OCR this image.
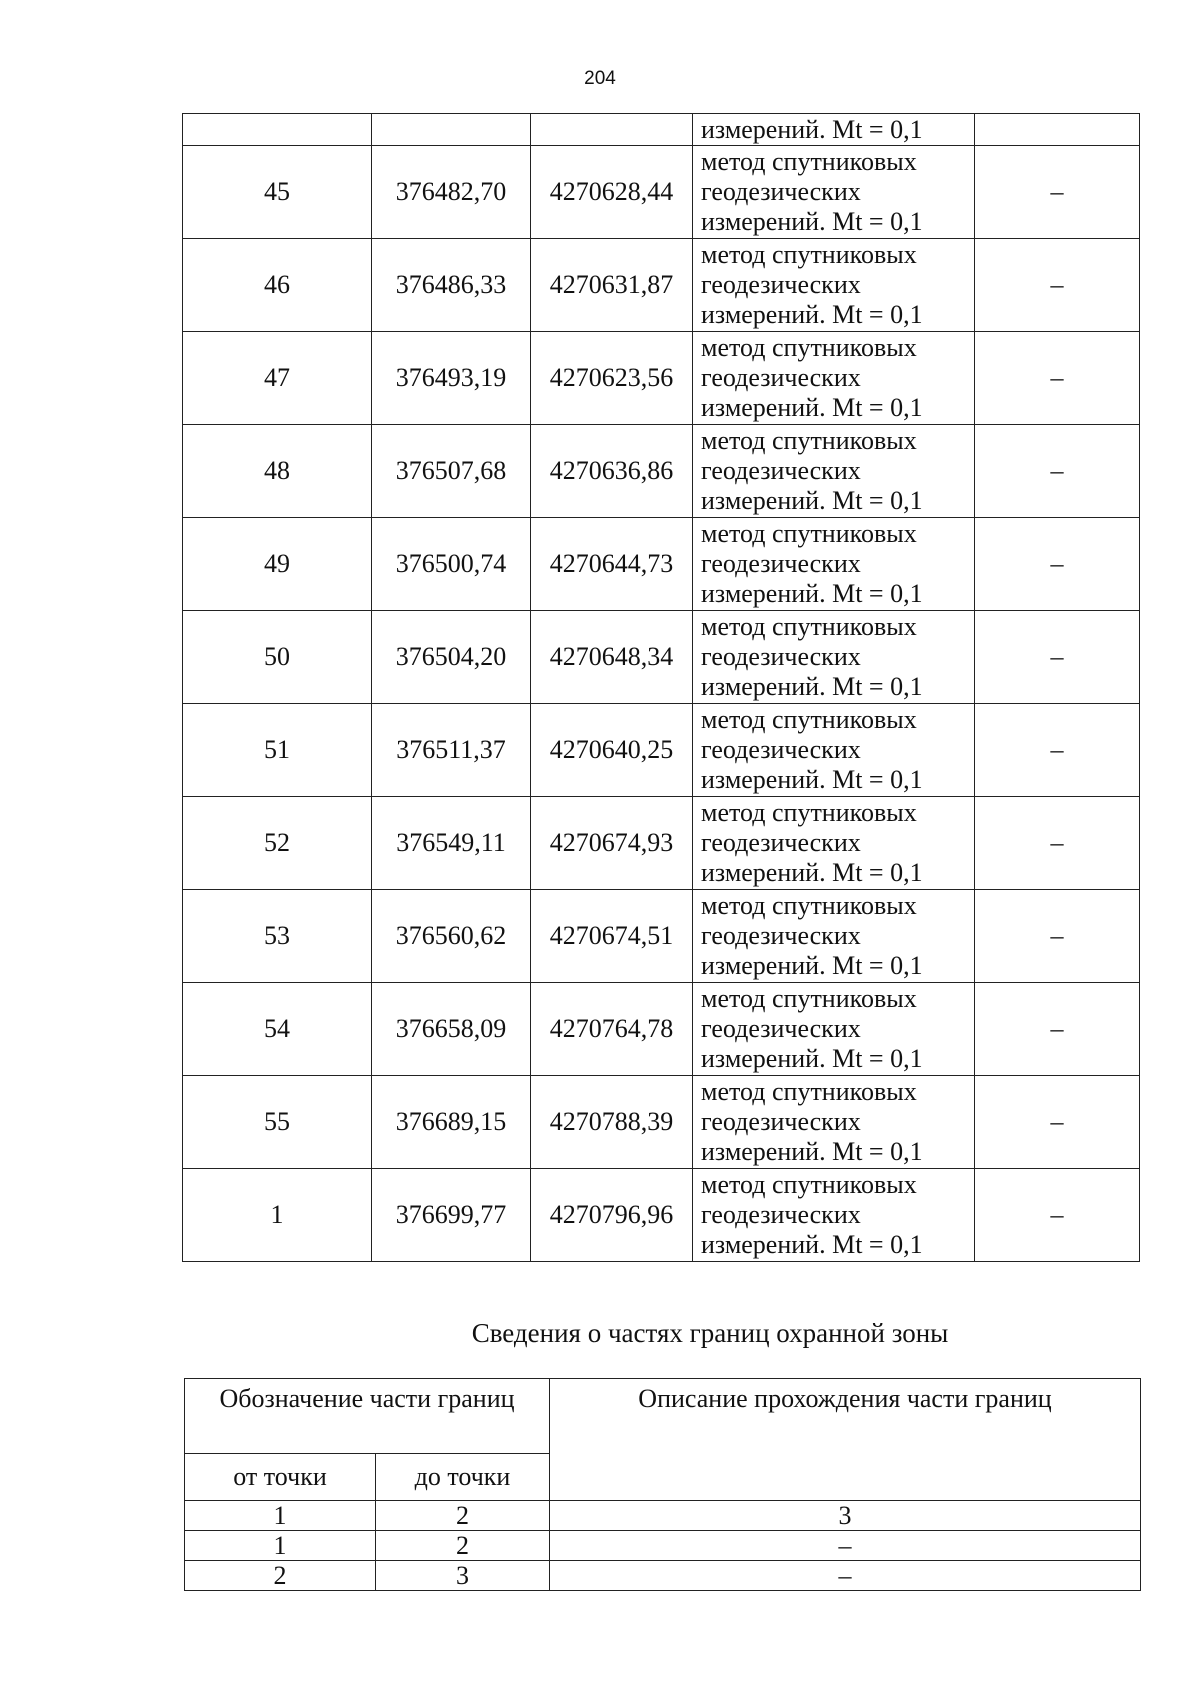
204
			измерений. Mt = 0,1	
45	376482,70	4270628,44	метод спутниковых
геодезических
измерений. Mt = 0,1	–
46	376486,33	4270631,87	метод спутниковых
геодезических
измерений. Mt = 0,1	–
47	376493,19	4270623,56	метод спутниковых
геодезических
измерений. Mt = 0,1	–
48	376507,68	4270636,86	метод спутниковых
геодезических
измерений. Mt = 0,1	–
49	376500,74	4270644,73	метод спутниковых
геодезических
измерений. Mt = 0,1	–
50	376504,20	4270648,34	метод спутниковых
геодезических
измерений. Mt = 0,1	–
51	376511,37	4270640,25	метод спутниковых
геодезических
измерений. Mt = 0,1	–
52	376549,11	4270674,93	метод спутниковых
геодезических
измерений. Mt = 0,1	–
53	376560,62	4270674,51	метод спутниковых
геодезических
измерений. Mt = 0,1	–
54	376658,09	4270764,78	метод спутниковых
геодезических
измерений. Mt = 0,1	–
55	376689,15	4270788,39	метод спутниковых
геодезических
измерений. Mt = 0,1	–
1	376699,77	4270796,96	метод спутниковых
геодезических
измерений. Mt = 0,1	–
Сведения о частях границ охранной зоны
Обозначение части границ		Описание прохождения части границ
от точки	до точки	
1	2	3
1	2	–
2	3	–
